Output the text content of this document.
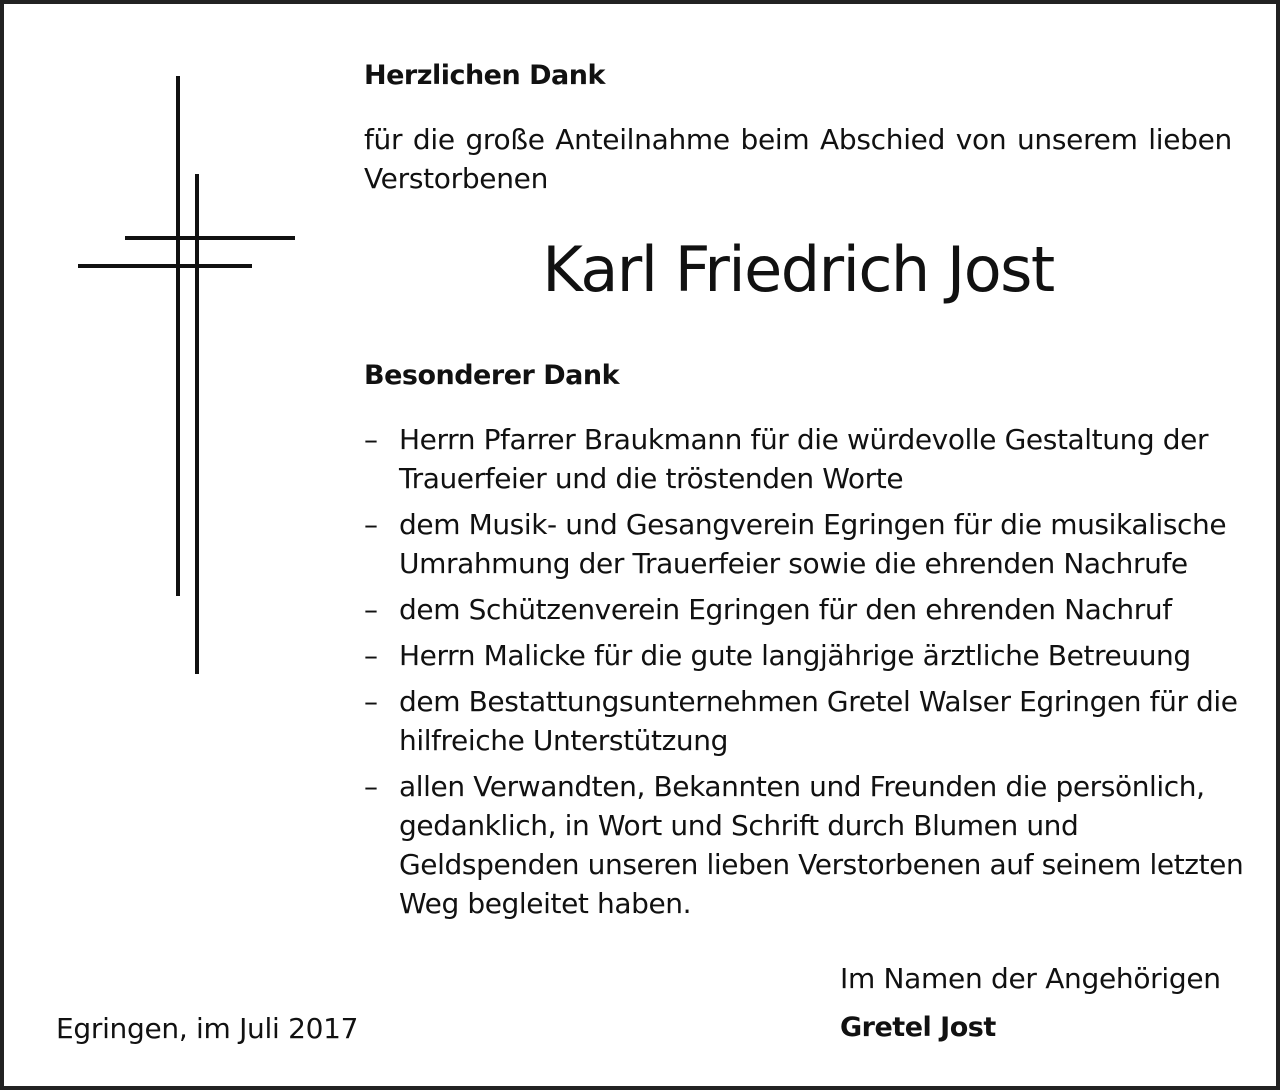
Herzlichen Dank
für die große Anteilnahme beim Abschied von unserem lieben Verstorbenen
Karl Friedrich Jost
Besonderer Dank
– Herrn Pfarrer Braukmann für die würdevolle Gestaltung der Trauerfeier und die tröstenden Worte
– dem Musik- und Gesangverein Egringen für die musikalische Umrahmung der Trauerfeier sowie die ehrenden Nachrufe
– dem Schützenverein Egringen für den ehrenden Nachruf
– Herrn Malicke für die gute langjährige ärztliche Betreuung
– dem Bestattungsunternehmen Gretel Walser Egringen für die hilfreiche Unterstützung
– allen Verwandten, Bekannten und Freunden die persönlich, gedanklich, in Wort und Schrift durch Blumen und Geldspenden unseren lieben Verstorbenen auf seinem letzten Weg begleitet haben.
Im Namen der Angehörigen
Gretel Jost
Egringen, im Juli 2017
